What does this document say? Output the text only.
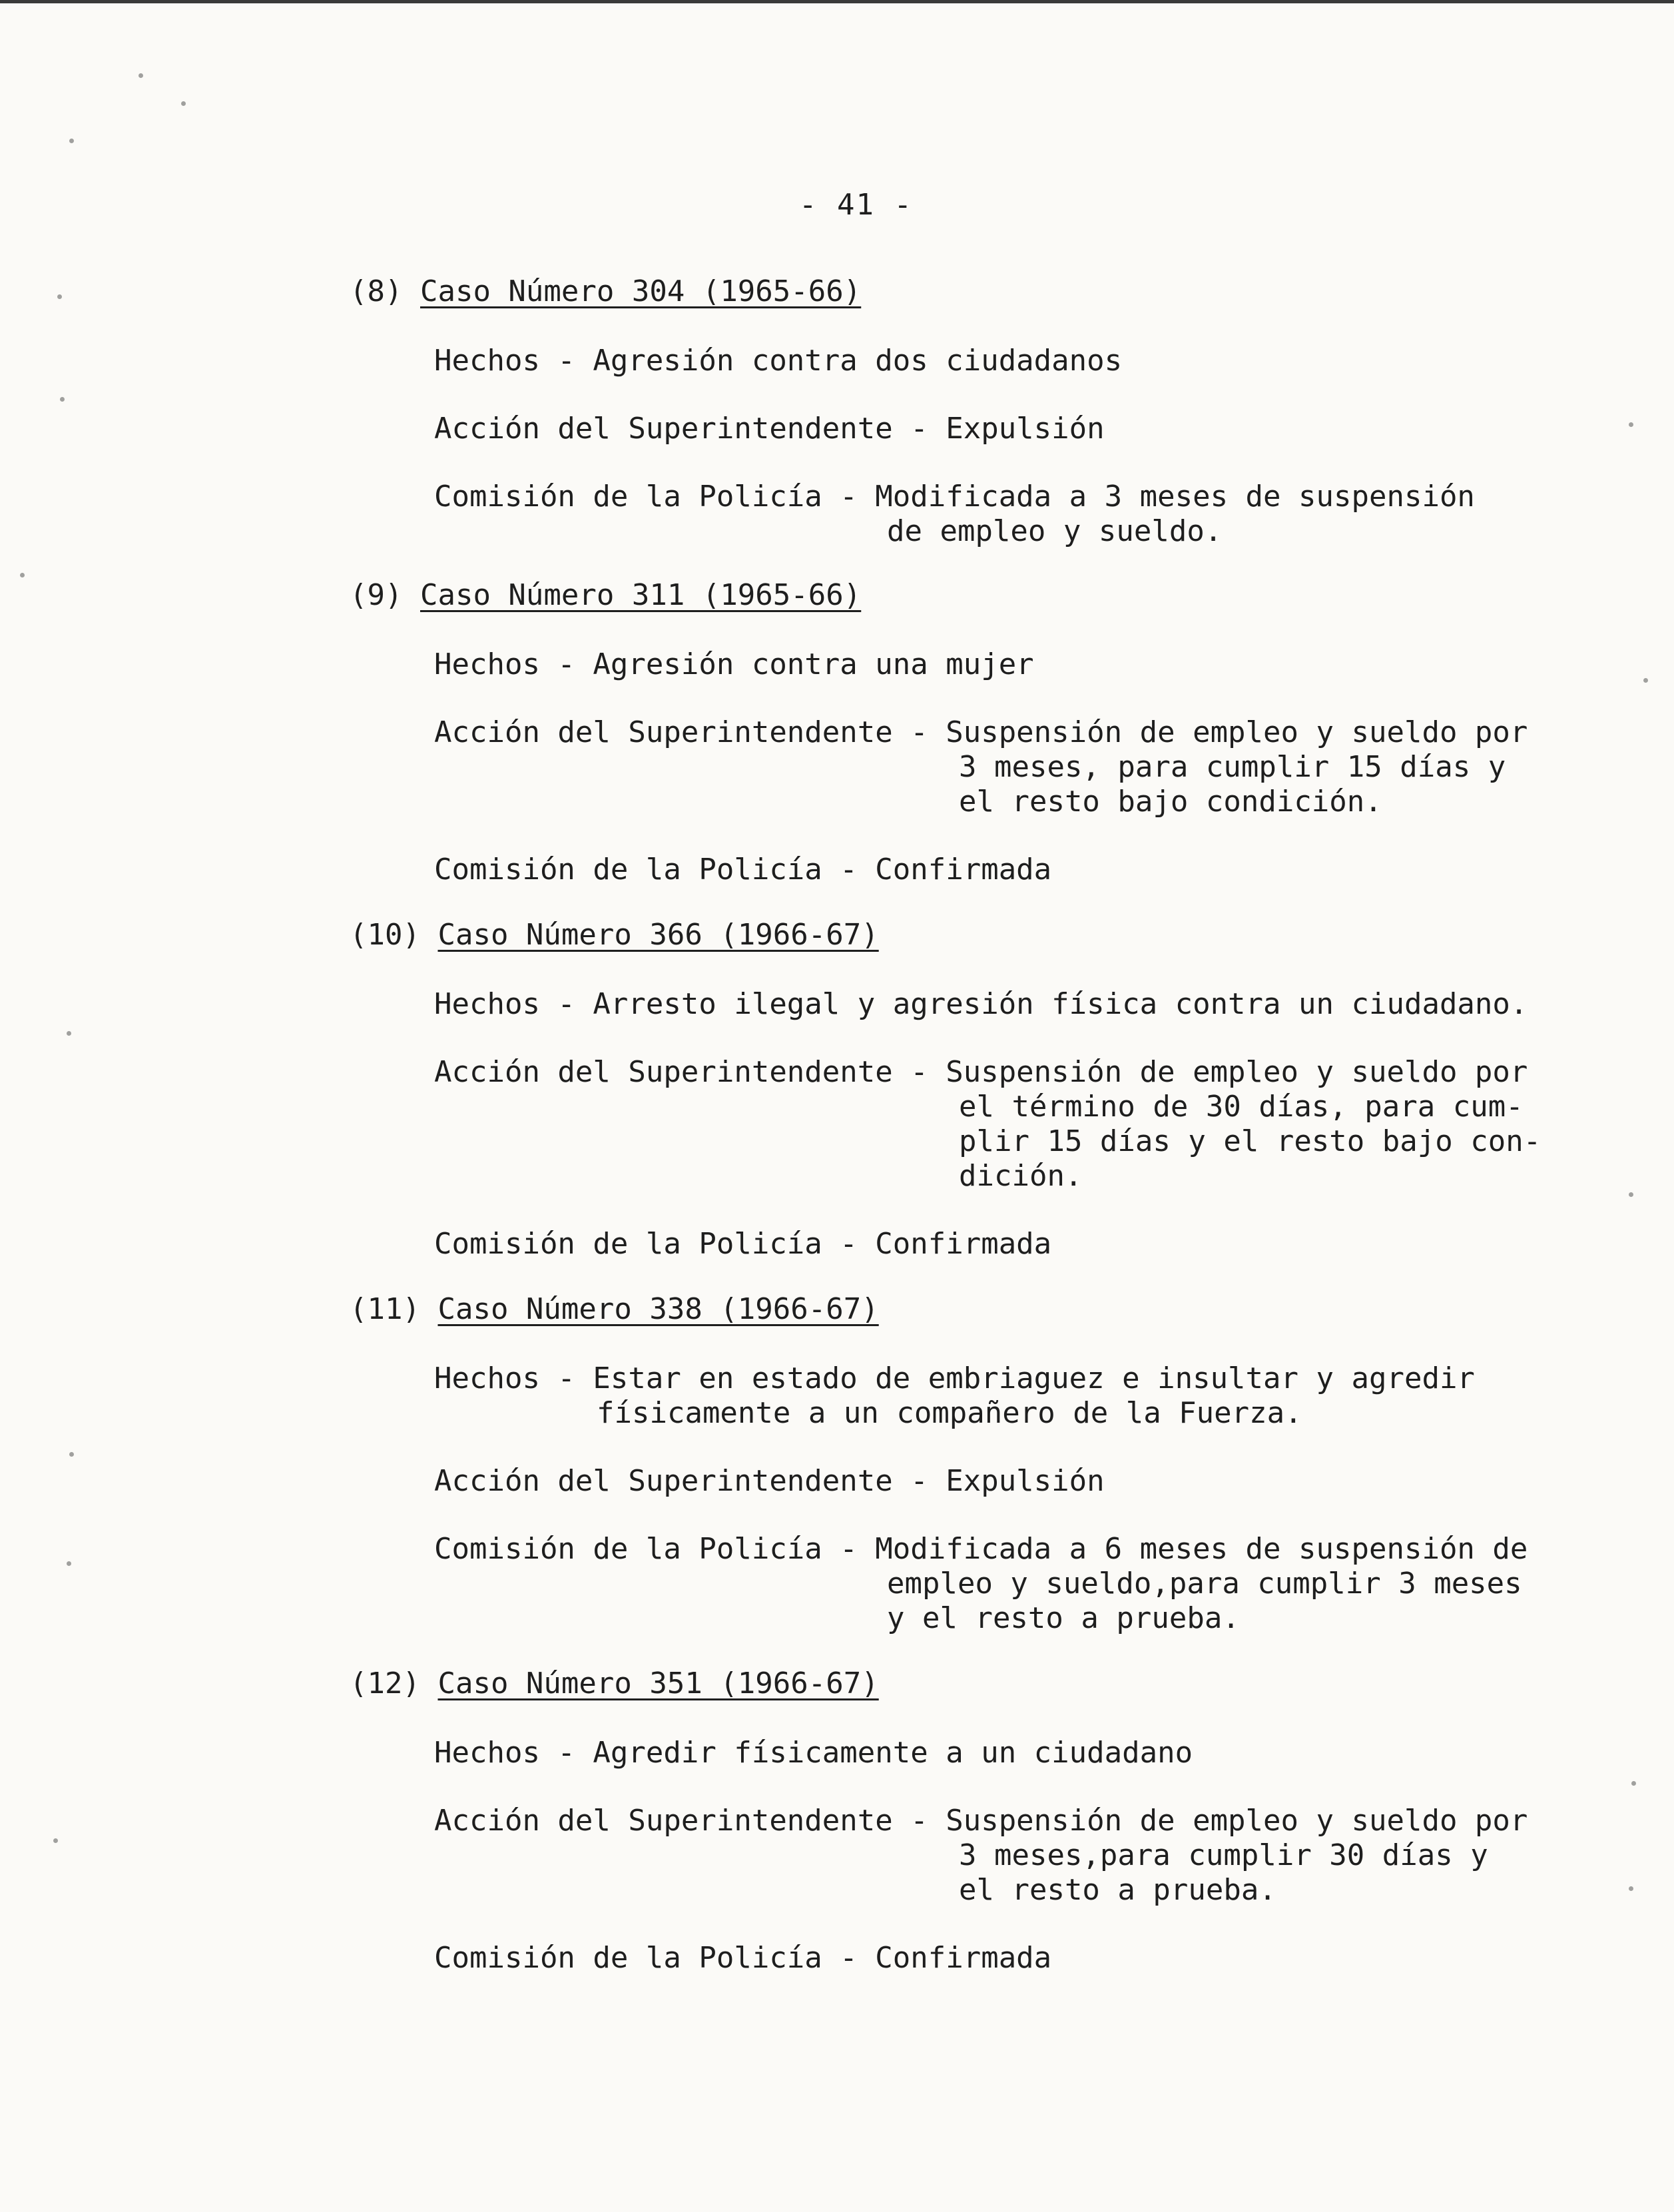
- 41 -
(8) Caso Número 304 (1965-66)
Hechos - Agresión contra dos ciudadanos
Acción del Superintendente - Expulsión
Comisión de la Policía - Modificada a 3 meses de suspensión
de empleo y sueldo.
(9) Caso Número 311 (1965-66)
Hechos - Agresión contra una mujer
Acción del Superintendente - Suspensión de empleo y sueldo por
3 meses, para cumplir 15 días y
el resto bajo condición.
Comisión de la Policía - Confirmada
(10) Caso Número 366 (1966-67)
Hechos - Arresto ilegal y agresión física contra un ciudadano.
Acción del Superintendente - Suspensión de empleo y sueldo por
el término de 30 días, para cum-
plir 15 días y el resto bajo con-
dición.
Comisión de la Policía - Confirmada
(11) Caso Número 338 (1966-67)
Hechos - Estar en estado de embriaguez e insultar y agredir
físicamente a un compañero de la Fuerza.
Acción del Superintendente - Expulsión
Comisión de la Policía - Modificada a 6 meses de suspensión de
empleo y sueldo,para cumplir 3 meses
y el resto a prueba.
(12) Caso Número 351 (1966-67)
Hechos - Agredir físicamente a un ciudadano
Acción del Superintendente - Suspensión de empleo y sueldo por
3 meses,para cumplir 30 días y
el resto a prueba.
Comisión de la Policía - Confirmada
